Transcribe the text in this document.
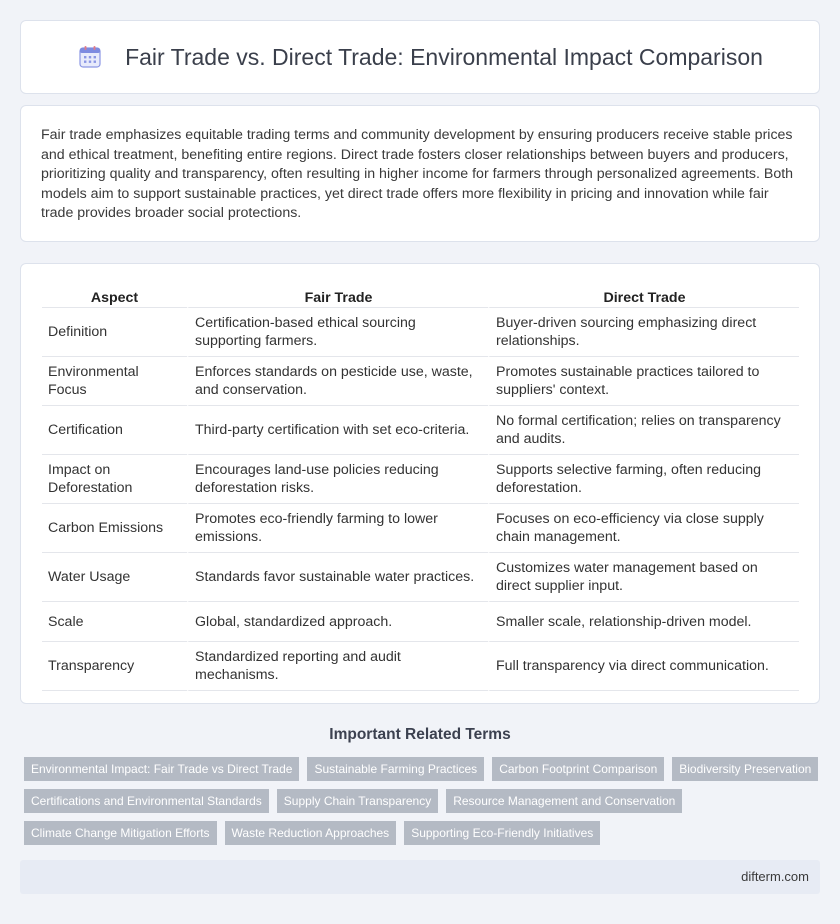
Fair Trade vs. Direct Trade: Environmental Impact Comparison

Fair trade emphasizes equitable trading terms and community development by ensuring producers receive stable prices and ethical treatment, benefiting entire regions. Direct trade fosters closer relationships between buyers and producers, prioritizing quality and transparency, often resulting in higher income for farmers through personalized agreements. Both models aim to support sustainable practices, yet direct trade offers more flexibility in pricing and innovation while fair trade provides broader social protections.

Aspect	Fair Trade	Direct Trade
Definition	Certification-based ethical sourcing supporting farmers.	Buyer-driven sourcing emphasizing direct relationships.
Environmental Focus	Enforces standards on pesticide use, waste, and conservation.	Promotes sustainable practices tailored to suppliers' context.
Certification	Third-party certification with set eco-criteria.	No formal certification; relies on transparency and audits.
Impact on Deforestation	Encourages land-use policies reducing deforestation risks.	Supports selective farming, often reducing deforestation.
Carbon Emissions	Promotes eco-friendly farming to lower emissions.	Focuses on eco-efficiency via close supply chain management.
Water Usage	Standards favor sustainable water practices.	Customizes water management based on direct supplier input.
Scale	Global, standardized approach.	Smaller scale, relationship-driven model.
Transparency	Standardized reporting and audit mechanisms.	Full transparency via direct communication.
Important Related Terms
Environmental Impact: Fair Trade vs Direct Trade	Sustainable Farming Practices	Carbon Footprint Comparison	Biodiversity Preservation
Certifications and Environmental Standards	Supply Chain Transparency	Resource Management and Conservation
Climate Change Mitigation Efforts	Waste Reduction Approaches	Supporting Eco-Friendly Initiatives
difterm.com
